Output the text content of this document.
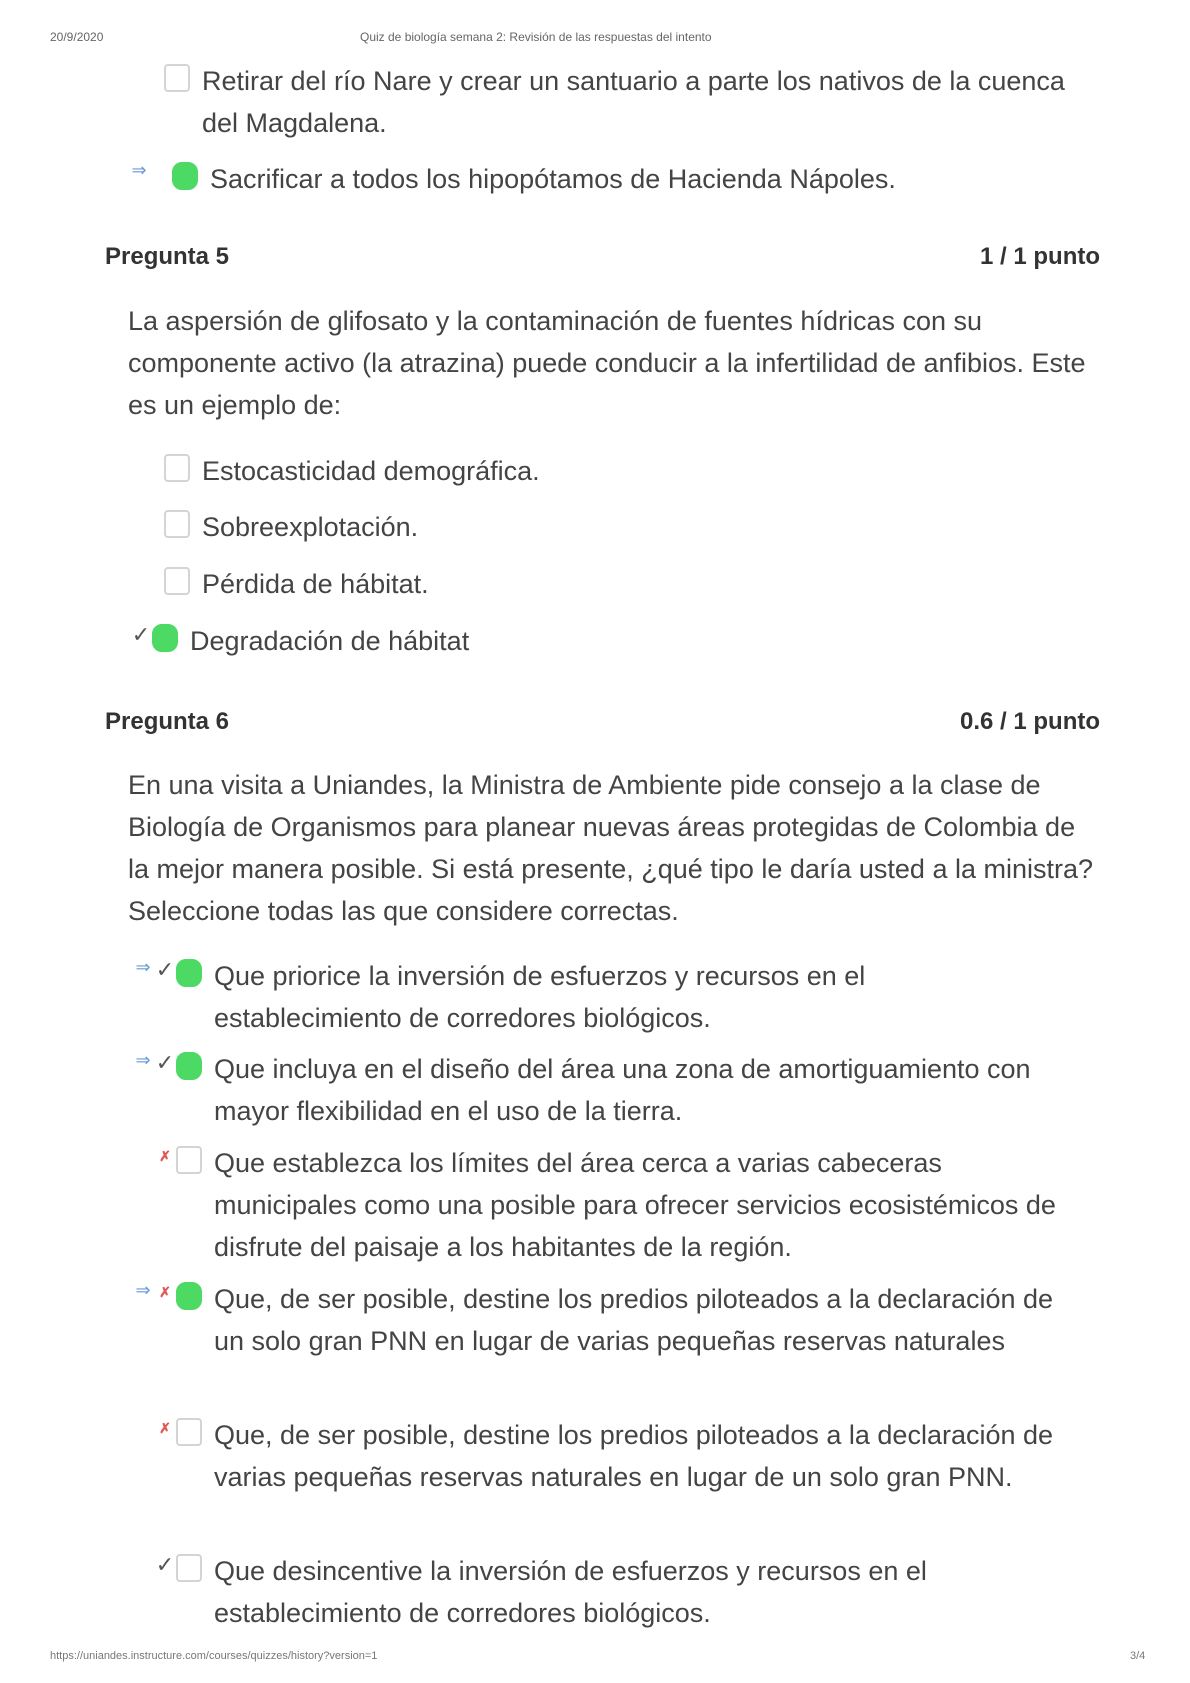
20/9/2020	Quiz de biología semana 2: Revisión de las respuestas del intento
Retirar del río Nare y crear un santuario a parte los nativos de la cuenca del Magdalena.
⇒ Sacrificar a todos los hipopótamos de Hacienda Nápoles.
Pregunta 5	1 / 1 punto
La aspersión de glifosato y la contaminación de fuentes hídricas con su componente activo (la atrazina) puede conducir a la infertilidad de anfibios. Este es un ejemplo de:
Estocasticidad demográfica.
Sobreexplotación.
Pérdida de hábitat.
✓ Degradación de hábitat
Pregunta 6	0.6 / 1 punto
En una visita a Uniandes, la Ministra de Ambiente pide consejo a la clase de Biología de Organismos para planear nuevas áreas protegidas de Colombia de la mejor manera posible. Si está presente, ¿qué tipo le daría usted a la ministra? Seleccione todas las que considere correctas.
⇒ ✓ Que priorice la inversión de esfuerzos y recursos en el establecimiento de corredores biológicos.
⇒ ✓ Que incluya en el diseño del área una zona de amortiguamiento con mayor flexibilidad en el uso de la tierra.
✗ Que establezca los límites del área cerca a varias cabeceras municipales como una posible para ofrecer servicios ecosistémicos de disfrute del paisaje a los habitantes de la región.
⇒ ✗ Que, de ser posible, destine los predios piloteados a la declaración de un solo gran PNN en lugar de varias pequeñas reservas naturales
✗ Que, de ser posible, destine los predios piloteados a la declaración de varias pequeñas reservas naturales en lugar de un solo gran PNN.
✓ Que desincentive la inversión de esfuerzos y recursos en el establecimiento de corredores biológicos.
https://uniandes.instructure.com/courses/quizzes/history?version=1	3/4
